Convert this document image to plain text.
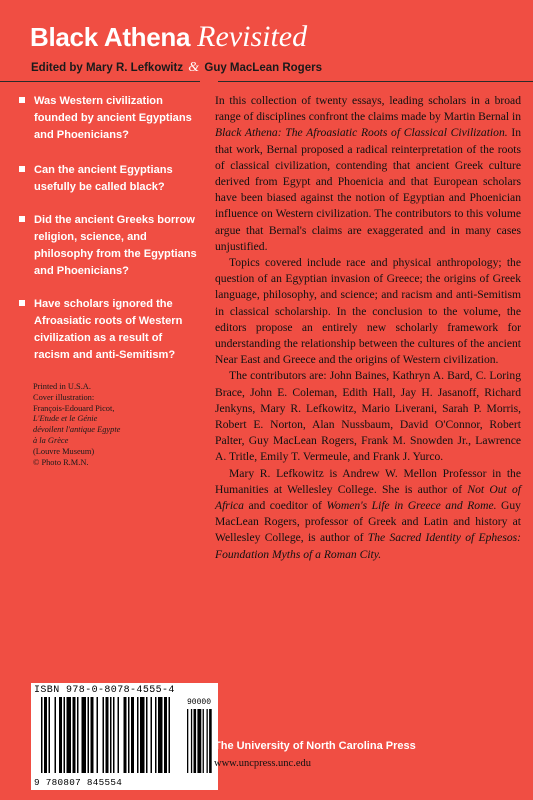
Black Athena Revisited
Edited by Mary R. Lefkowitz & Guy MacLean Rogers
Was Western civilization founded by ancient Egyptians and Phoenicians?
Can the ancient Egyptians usefully be called black?
Did the ancient Greeks borrow religion, science, and philosophy from the Egyptians and Phoenicians?
Have scholars ignored the Afroasiatic roots of Western civilization as a result of racism and anti-Semitism?
Printed in U.S.A.
Cover illustration:
François-Edouard Picot,
L'Etude et le Génie
dévoilent l'antique Egypte
à la Grèce
(Louvre Museum)
© Photo R.M.N.

In this collection of twenty essays, leading scholars in a broad range of disciplines confront the claims made by Martin Bernal in Black Athena: The Afroasiatic Roots of Classical Civilization. In that work, Bernal proposed a radical reinterpretation of the roots of classical civilization, contending that ancient Greek culture derived from Egypt and Phoenicia and that European scholars have been biased against the notion of Egyptian and Phoenician influence on Western civilization. The contributors to this volume argue that Bernal's claims are exaggerated and in many cases unjustified.

Topics covered include race and physical anthropology; the question of an Egyptian invasion of Greece; the origins of Greek language, philosophy, and science; and racism and anti-Semitism in classical scholarship. In the conclusion to the volume, the editors propose an entirely new scholarly framework for understanding the relationship between the cultures of the ancient Near East and Greece and the origins of Western civilization.

The contributors are: John Baines, Kathryn A. Bard, C. Loring Brace, John E. Coleman, Edith Hall, Jay H. Jasanoff, Richard Jenkyns, Mary R. Lefkowitz, Mario Liverani, Sarah P. Morris, Robert E. Norton, Alan Nussbaum, David O'Connor, Robert Palter, Guy MacLean Rogers, Frank M. Snowden Jr., Lawrence A. Tritle, Emily T. Vermeule, and Frank J. Yurco.

Mary R. Lefkowitz is Andrew W. Mellon Professor in the Humanities at Wellesley College. She is author of Not Out of Africa and coeditor of Women's Life in Greece and Rome. Guy MacLean Rogers, professor of Greek and Latin and history at Wellesley College, is author of The Sacred Identity of Ephesos: Foundation Myths of a Roman City.

ISBN 978-0-8078-4555-4
90000
9 780807 845554
The University of North Carolina Press
www.uncpress.unc.edu
